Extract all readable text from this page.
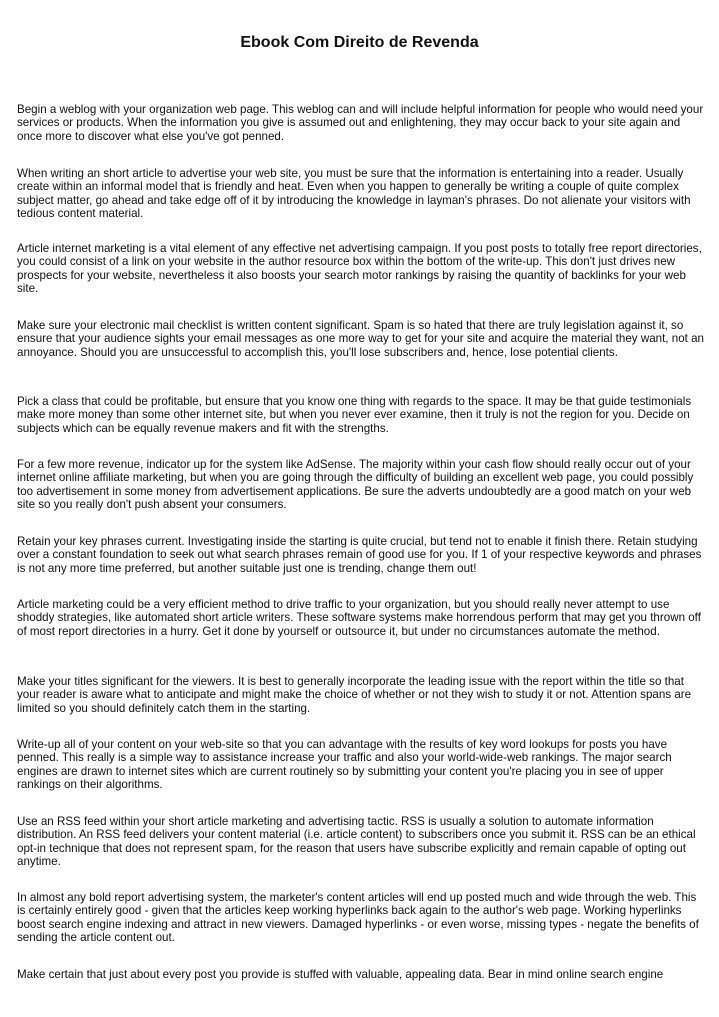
Ebook Com Direito de Revenda

Begin a weblog with your organization web page. This weblog can and will include helpful information for people who would need your services or products. When the information you give is assumed out and enlightening, they may occur back to your site again and once more to discover what else you've got penned.

When writing an short article to advertise your web site, you must be sure that the information is entertaining into a reader. Usually create within an informal model that is friendly and heat. Even when you happen to generally be writing a couple of quite complex subject matter, go ahead and take edge off of it by introducing the knowledge in layman's phrases. Do not alienate your visitors with tedious content material.

Article internet marketing is a vital element of any effective net advertising campaign. If you post posts to totally free report directories, you could consist of a link on your website in the author resource box within the bottom of the write-up. This don't just drives new prospects for your website, nevertheless it also boosts your search motor rankings by raising the quantity of backlinks for your web site.

Make sure your electronic mail checklist is written content significant. Spam is so hated that there are truly legislation against it, so ensure that your audience sights your email messages as one more way to get for your site and acquire the material they want, not an annoyance. Should you are unsuccessful to accomplish this, you'll lose subscribers and, hence, lose potential clients.

Pick a class that could be profitable, but ensure that you know one thing with regards to the space. It may be that guide testimonials make more money than some other internet site, but when you never ever examine, then it truly is not the region for you. Decide on subjects which can be equally revenue makers and fit with the strengths.

For a few more revenue, indicator up for the system like AdSense. The majority within your cash flow should really occur out of your internet online affiliate marketing, but when you are going through the difficulty of building an excellent web page, you could possibly too advertisement in some money from advertisement applications. Be sure the adverts undoubtedly are a good match on your web site so you really don't push absent your consumers.

Retain your key phrases current. Investigating inside the starting is quite crucial, but tend not to enable it finish there. Retain studying over a constant foundation to seek out what search phrases remain of good use for you. If 1 of your respective keywords and phrases is not any more time preferred, but another suitable just one is trending, change them out!

Article marketing could be a very efficient method to drive traffic to your organization, but you should really never attempt to use shoddy strategies, like automated short article writers. These software systems make horrendous perform that may get you thrown off of most report directories in a hurry. Get it done by yourself or outsource it, but under no circumstances automate the method.

Make your titles significant for the viewers. It is best to generally incorporate the leading issue with the report within the title so that your reader is aware what to anticipate and might make the choice of whether or not they wish to study it or not. Attention spans are limited so you should definitely catch them in the starting.

Write-up all of your content on your web-site so that you can advantage with the results of key word lookups for posts you have penned. This really is a simple way to assistance increase your traffic and also your world-wide-web rankings. The major search engines are drawn to internet sites which are current routinely so by submitting your content you're placing you in see of upper rankings on their algorithms.

Use an RSS feed within your short article marketing and advertising tactic. RSS is usually a solution to automate information distribution. An RSS feed delivers your content material (i.e. article content) to subscribers once you submit it. RSS can be an ethical opt-in technique that does not represent spam, for the reason that users have subscribe explicitly and remain capable of opting out anytime.

In almost any bold report advertising system, the marketer's content articles will end up posted much and wide through the web. This is certainly entirely good - given that the articles keep working hyperlinks back again to the author's web page. Working hyperlinks boost search engine indexing and attract in new viewers. Damaged hyperlinks - or even worse, missing types - negate the benefits of sending the article content out.

Make certain that just about every post you provide is stuffed with valuable, appealing data. Bear in mind online search engine
